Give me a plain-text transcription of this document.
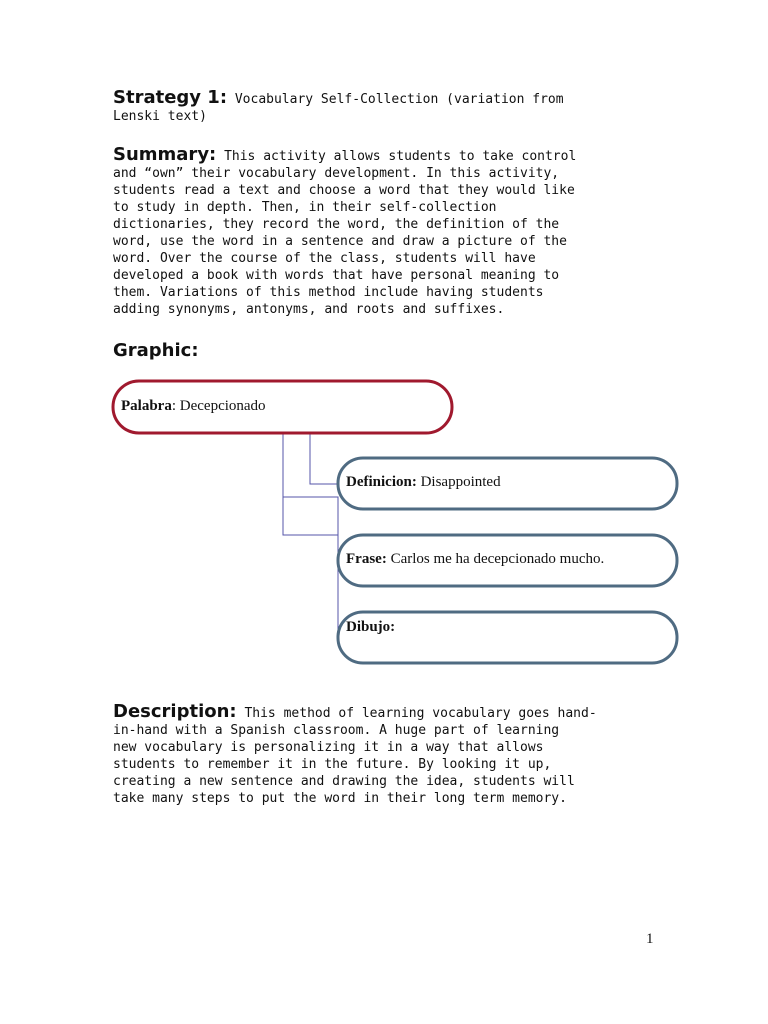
Strategy 1: Vocabulary Self-Collection (variation from
Lenski text)
Summary: This activity allows students to take control
and “own” their vocabulary development. In this activity,
students read a text and choose a word that they would like
to study in depth. Then, in their self-collection
dictionaries, they record the word, the definition of the
word, use the word in a sentence and draw a picture of the
word. Over the course of the class, students will have
developed a book with words that have personal meaning to
them. Variations of this method include having students
adding synonyms, antonyms, and roots and suffixes.
Graphic:
Palabra: Decepcionado
Definicion: Disappointed
Frase: Carlos me ha decepcionado mucho.
Dibujo:
Description: This method of learning vocabulary goes hand-
in-hand with a Spanish classroom. A huge part of learning
new vocabulary is personalizing it in a way that allows
students to remember it in the future. By looking it up,
creating a new sentence and drawing the idea, students will
take many steps to put the word in their long term memory.
1
